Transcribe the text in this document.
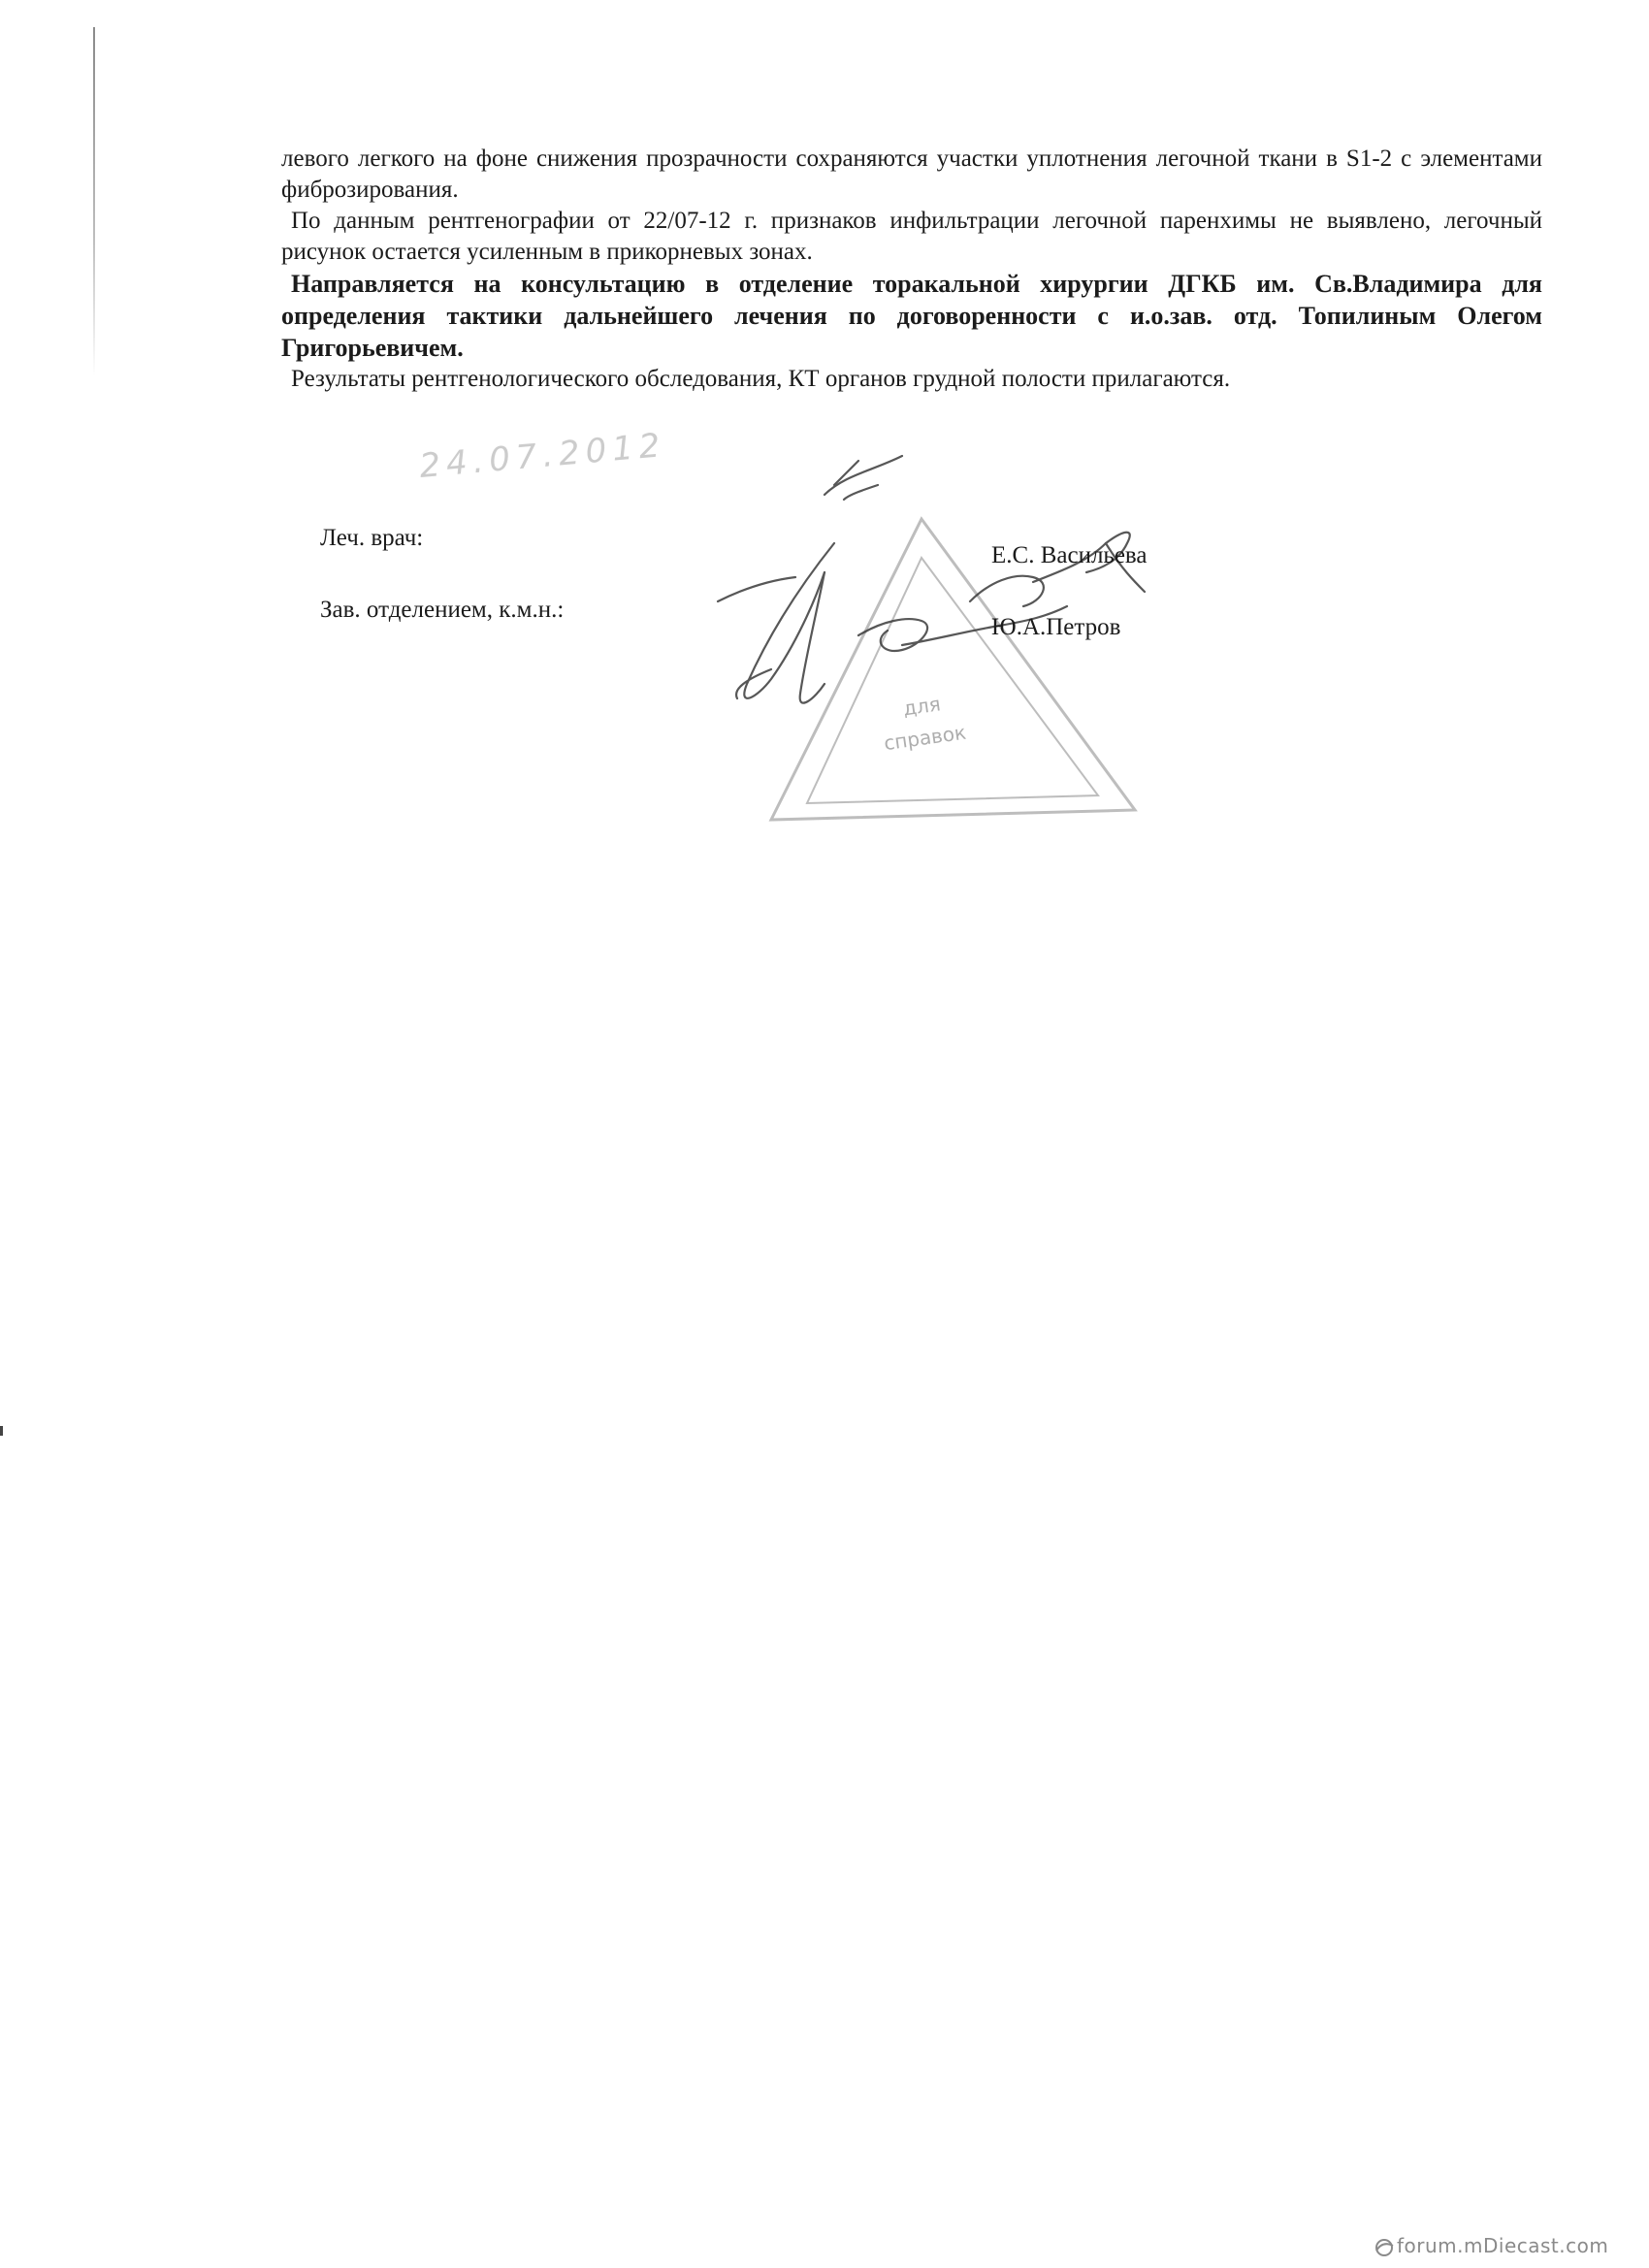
левого легкого на фоне снижения прозрачности сохраняются участки уплотнения легочной ткани в S1-2 с элементами фиброзирования.

По данным рентгенографии от 22/07-12 г. признаков инфильтрации легочной паренхимы не выявлено, легочный рисунок остается усиленным в прикорневых зонах.

Направляется на консультацию в отделение торакальной хирургии ДГКБ им. Св.Владимира для определения тактики дальнейшего лечения по договоренности с и.о.зав. отд. Топилиным Олегом Григорьевичем.

Результаты рентгенологического обследования, КТ органов грудной полости прилагаются.

24.07.2012
Леч. врач:
Зав. отделением, к.м.н.:
для
справок
Е.С. Васильева
Ю.А.Петров
forum.mDiecast.com
